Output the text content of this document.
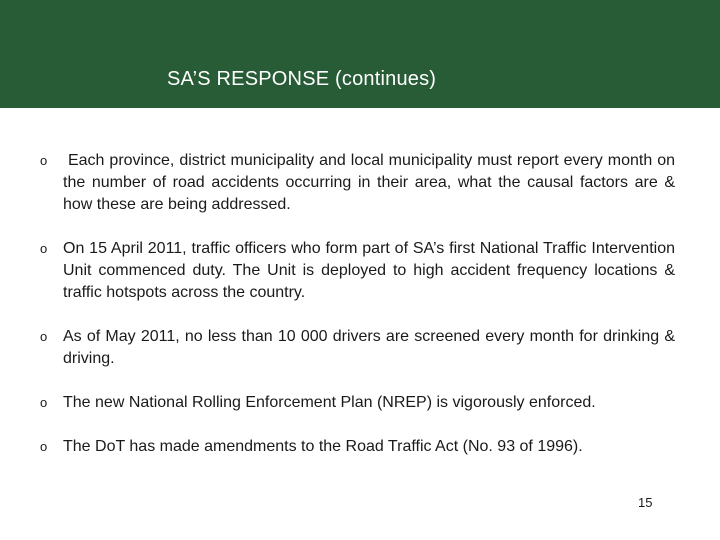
SA’S RESPONSE (continues)
o Each province, district municipality and local municipality must report every month on the number of road accidents occurring in their area, what the causal factors are & how these are being addressed.
o On 15 April 2011, traffic officers who form part of SA’s first National Traffic Intervention Unit commenced duty. The Unit is deployed to high accident frequency locations & traffic hotspots across the country.
o As of May 2011, no less than 10 000 drivers are screened every month for drinking & driving.
o The new National Rolling Enforcement Plan (NREP) is vigorously enforced.
o The DoT has made amendments to the Road Traffic Act (No. 93 of 1996).
15
